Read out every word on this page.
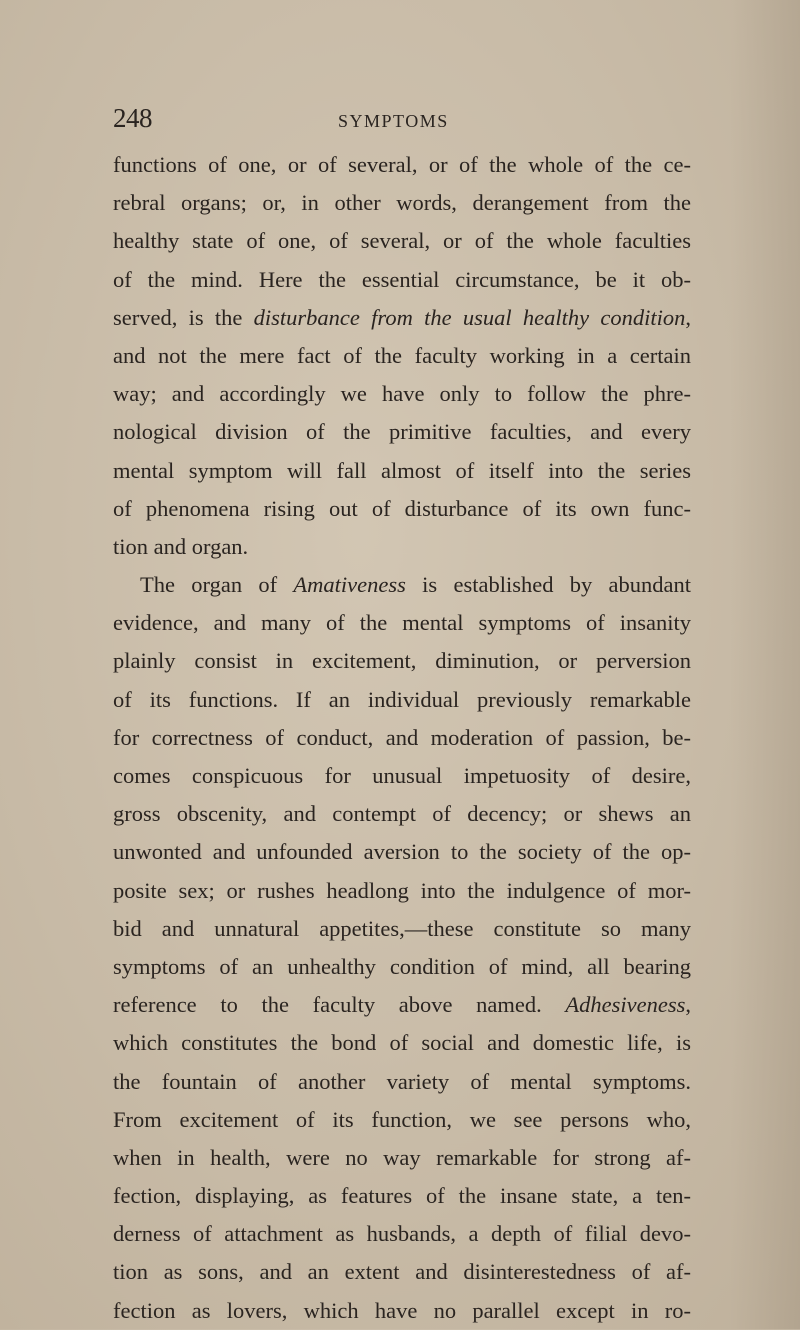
248	SYMPTOMS
functions of one, or of several, or of the whole of the ce-
rebral organs; or, in other words, derangement from the
healthy state of one, of several, or of the whole faculties
of the mind. Here the essential circumstance, be it ob-
served, is the disturbance from the usual healthy condition,
and not the mere fact of the faculty working in a certain
way; and accordingly we have only to follow the phre-
nological division of the primitive faculties, and every
mental symptom will fall almost of itself into the series
of phenomena rising out of disturbance of its own func-
tion and organ.
The organ of Amativeness is established by abundant
evidence, and many of the mental symptoms of insanity
plainly consist in excitement, diminution, or perversion
of its functions. If an individual previously remarkable
for correctness of conduct, and moderation of passion, be-
comes conspicuous for unusual impetuosity of desire,
gross obscenity, and contempt of decency; or shews an
unwonted and unfounded aversion to the society of the op-
posite sex; or rushes headlong into the indulgence of mor-
bid and unnatural appetites,—these constitute so many
symptoms of an unhealthy condition of mind, all bearing
reference to the faculty above named. Adhesiveness,
which constitutes the bond of social and domestic life, is
the fountain of another variety of mental symptoms.
From excitement of its function, we see persons who,
when in health, were no way remarkable for strong af-
fection, displaying, as features of the insane state, a ten-
derness of attachment as husbands, a depth of filial devo-
tion as sons, and an extent and disinterestedness of af-
fection as lovers, which have no parallel except in ro-
